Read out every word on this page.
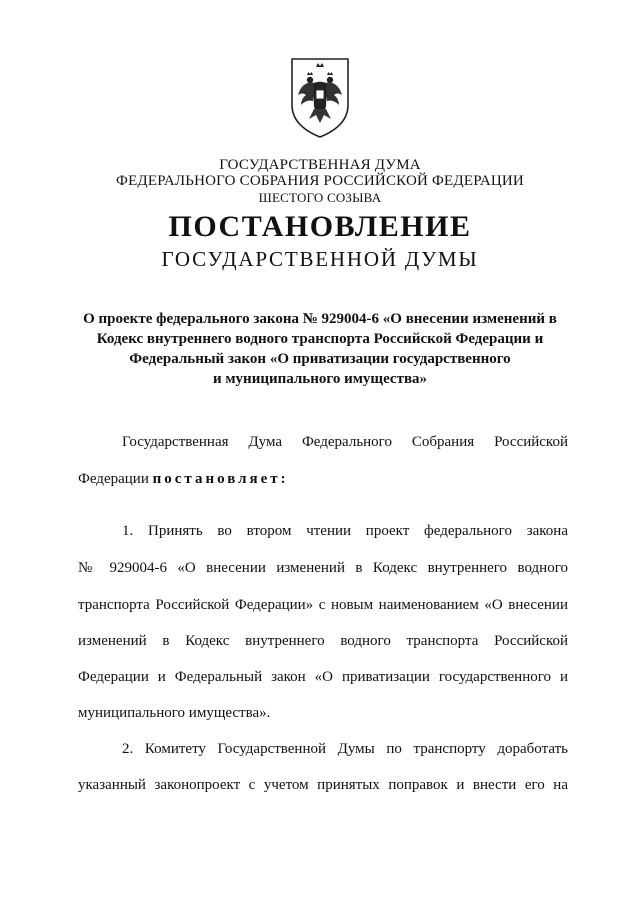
ГОСУДАРСТВЕННАЯ ДУМА
ФЕДЕРАЛЬНОГО СОБРАНИЯ РОССИЙСКОЙ ФЕДЕРАЦИИ
ШЕСТОГО СОЗЫВА
ПОСТАНОВЛЕНИЕ
ГОСУДАРСТВЕННОЙ ДУМЫ
О проекте федерального закона № 929004-6 «О внесении изменений в
Кодекс внутреннего водного транспорта Российской Федерации и
Федеральный закон «О приватизации государственного
и муниципального имущества»
Государственная Дума Федерального Собрания Российской
Федерации постановляет:
1. Принять во втором чтении проект федерального закона
№ 929004-6 «О внесении изменений в Кодекс внутреннего водного
транспорта Российской Федерации» с новым наименованием «О внесении
изменений в Кодекс внутреннего водного транспорта Российской
Федерации и Федеральный закон «О приватизации государственного и
муниципального имущества».
2. Комитету Государственной Думы по транспорту доработать
указанный законопроект с учетом принятых поправок и внести его на
